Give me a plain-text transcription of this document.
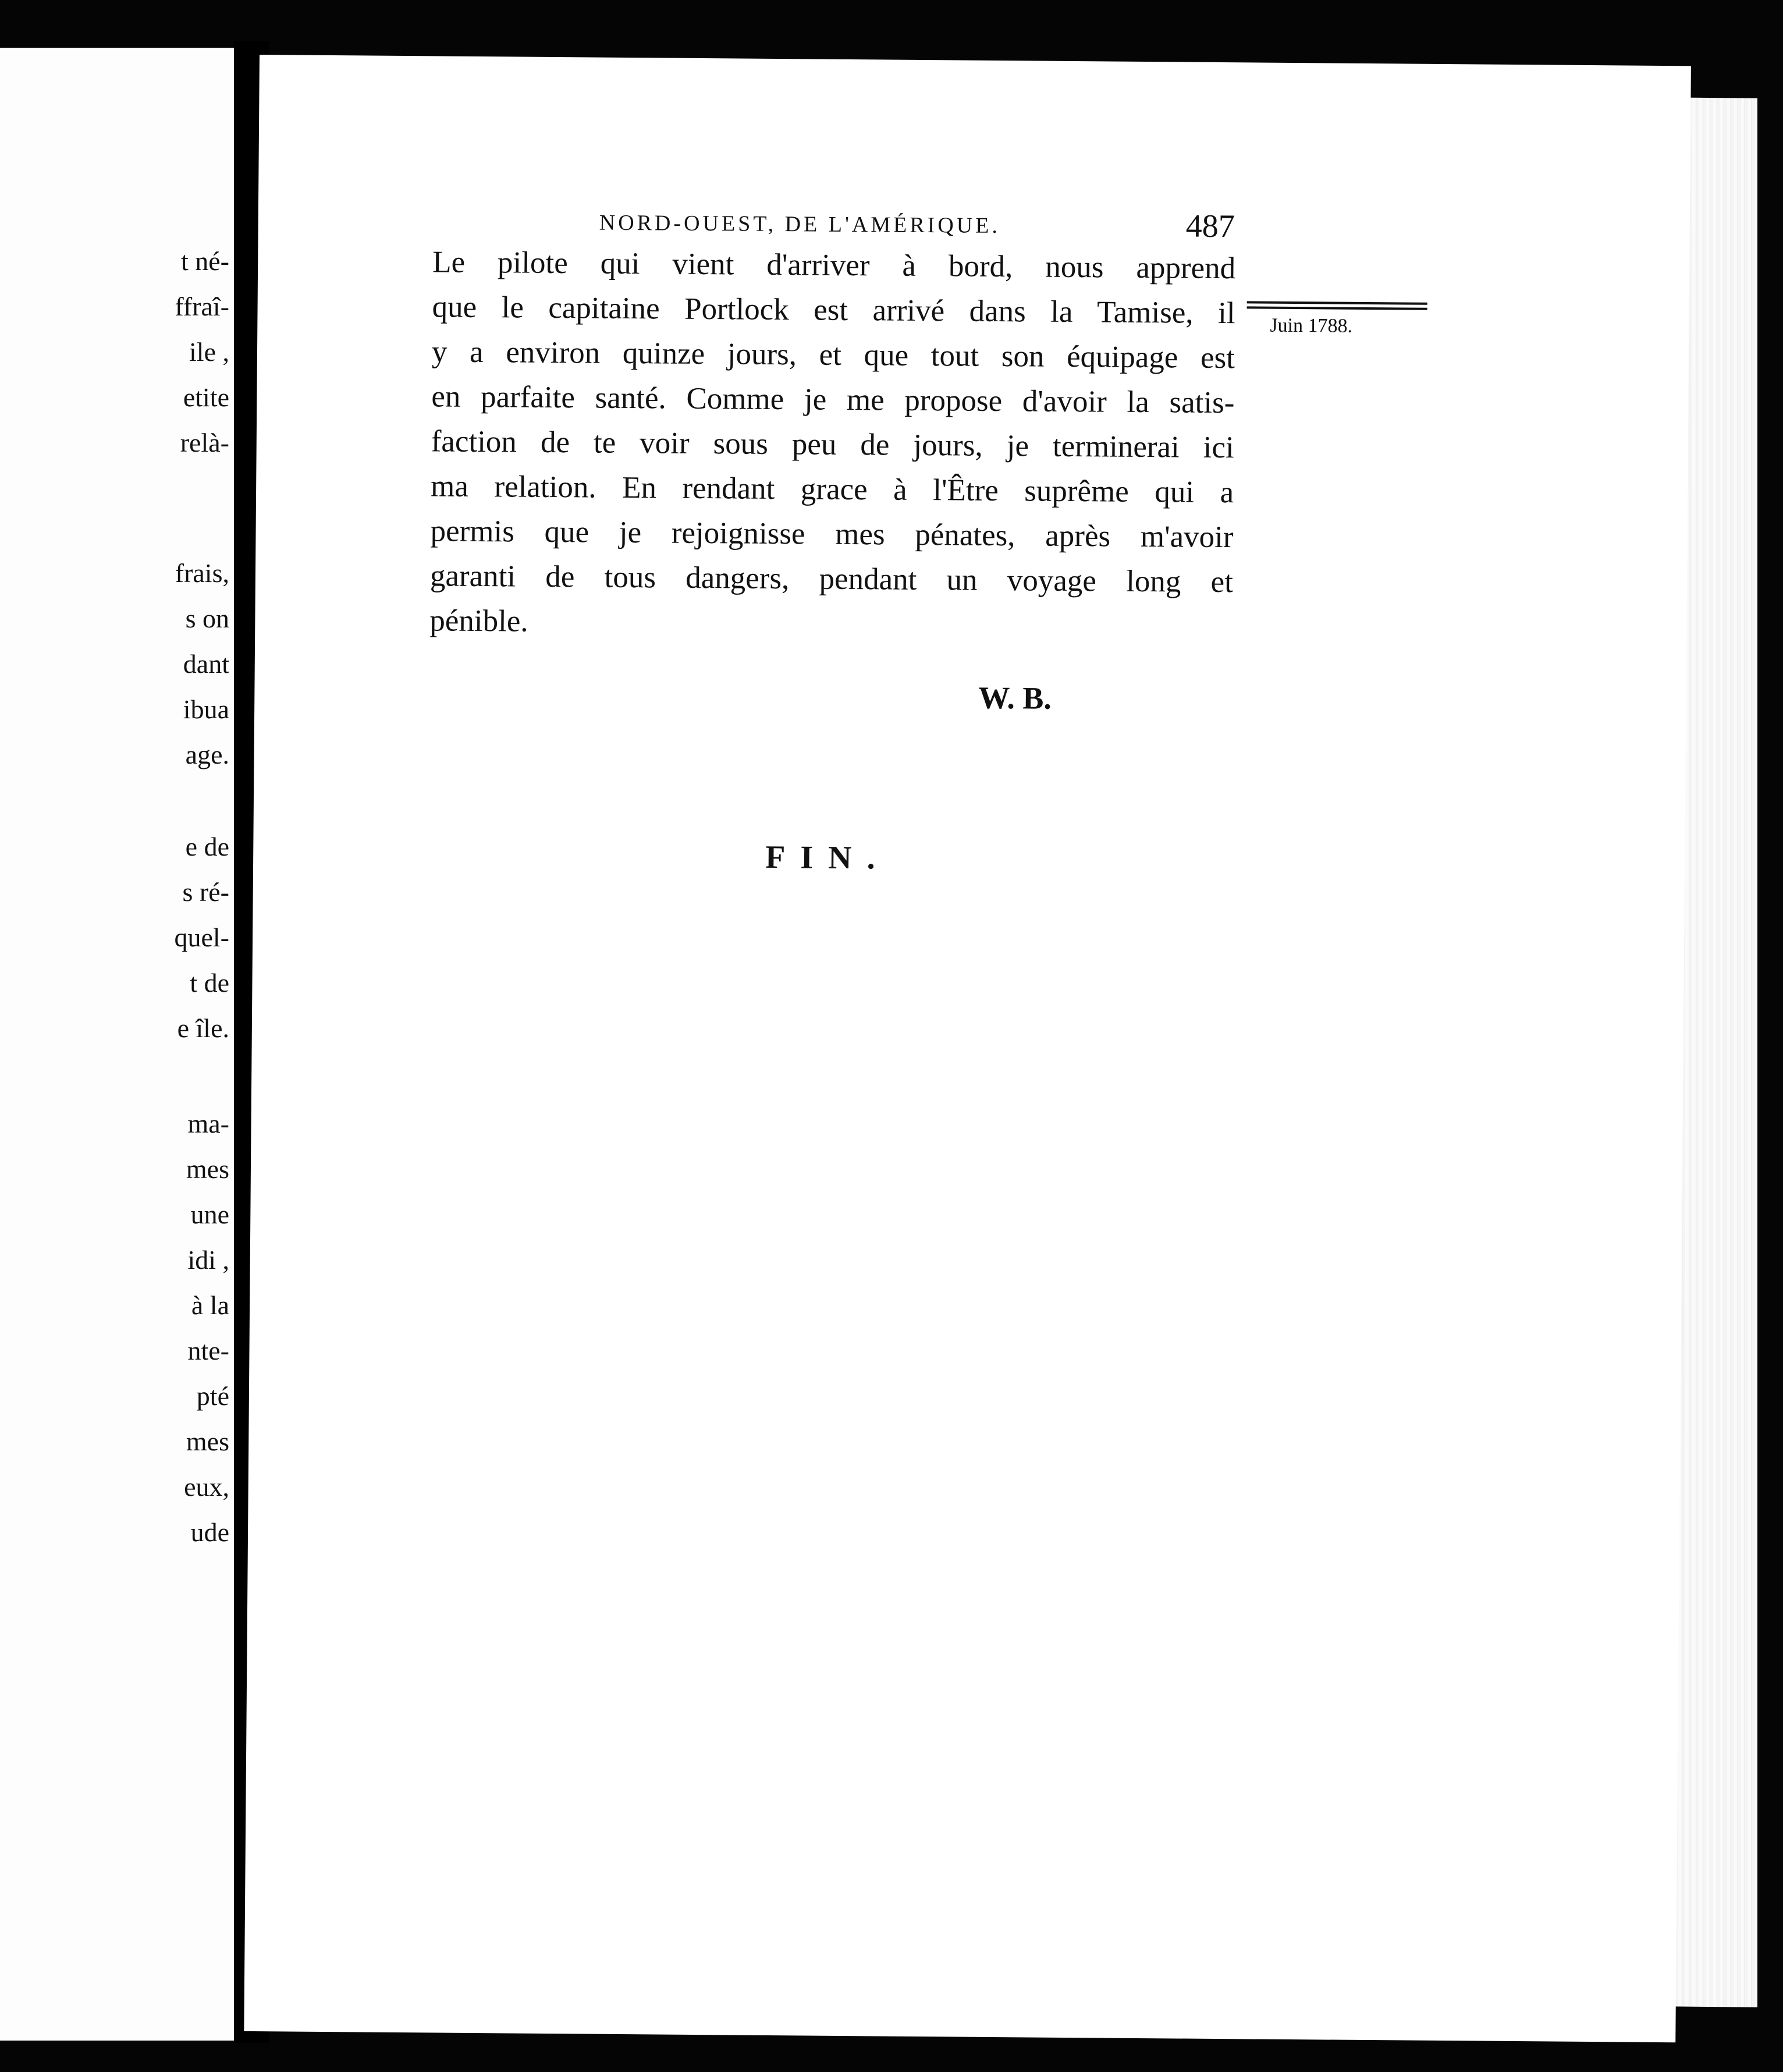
t né-
ffraî-
ile ,
etite
relà-
frais,
s on
dant
ibua
age.
e de
s ré-
quel-
t de
e île.
ma-
mes
une
idi ,
à la
nte-
pté
mes
eux,
ude
NORD-OUEST, DE L'AMÉRIQUE.	487
Le pilote qui vient d'arriver à bord, nous apprend
que le capitaine Portlock est arrivé dans la Tamise, il
y a environ quinze jours, et que tout son équipage est
en parfaite santé. Comme je me propose d'avoir la satis-
faction de te voir sous peu de jours, je terminerai ici
ma relation. En rendant grace à l'Être suprême qui a
permis que je rejoignisse mes pénates, après m'avoir
garanti de tous dangers, pendant un voyage long et
pénible.
Juin 1788.
W. B.
FIN.
